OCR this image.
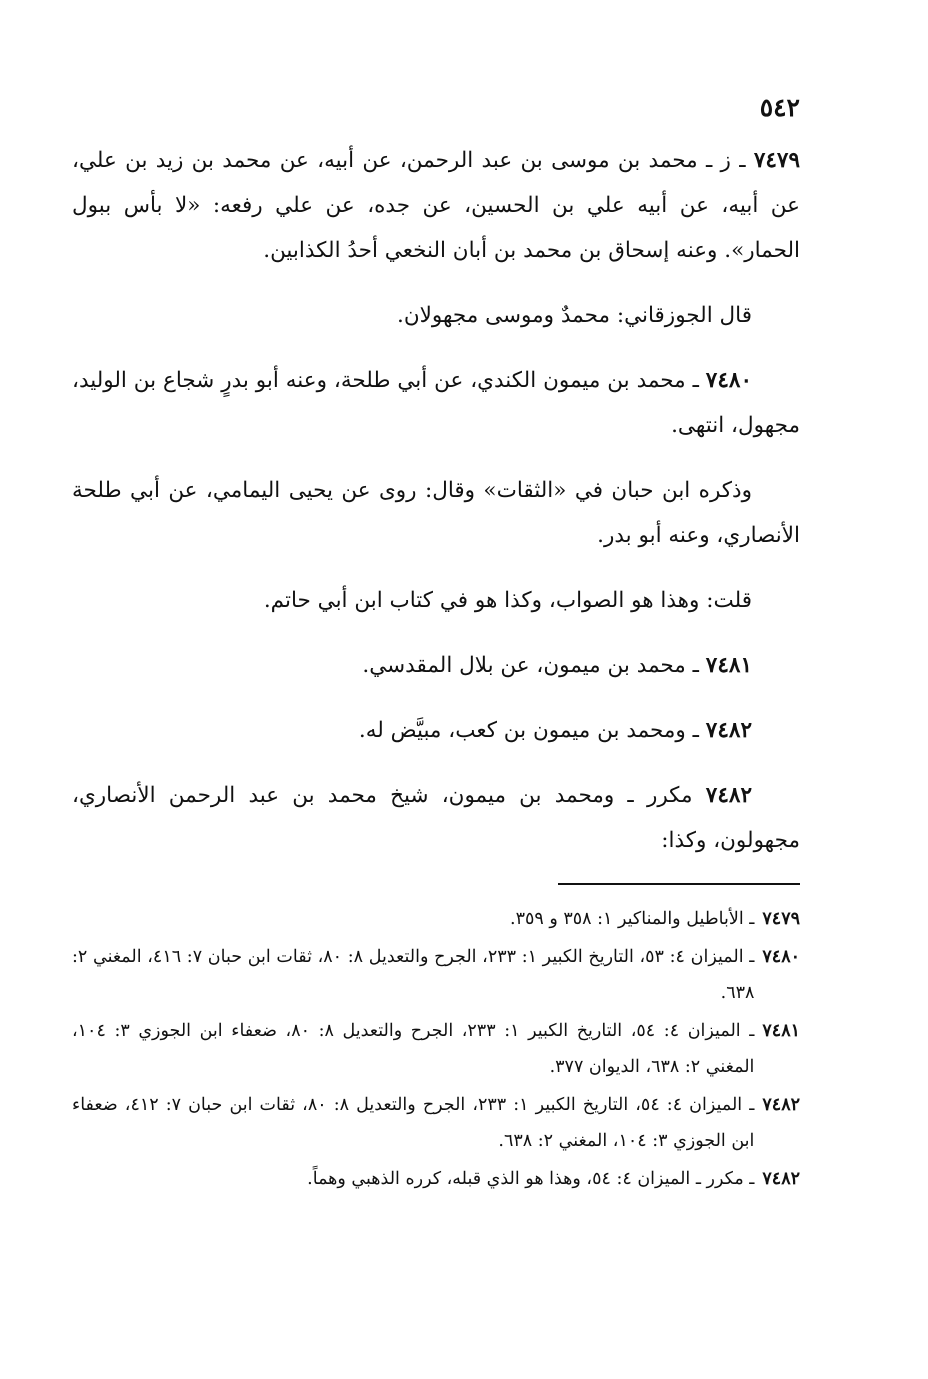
٥٤٢

٧٤٧٩ ـ ز ـ محمد بن موسى بن عبد الرحمن، عن أبيه، عن محمد بن زيد بن علي، عن أبيه، عن أبيه علي بن الحسين، عن جده، عن علي رفعه: «لا بأس ببول الحمار». وعنه إسحاق بن محمد بن أبان النخعي أحدُ الكذابين.

قال الجوزقاني: محمدٌ وموسى مجهولان.

٧٤٨٠ ـ محمد بن ميمون الكندي، عن أبي طلحة، وعنه أبو بدرٍ شجاع بن الوليد، مجهول، انتهى.

وذكره ابن حبان في «الثقات» وقال: روى عن يحيى اليمامي، عن أبي طلحة الأنصاري، وعنه أبو بدر.

قلت: وهذا هو الصواب، وكذا هو في كتاب ابن أبي حاتم.

٧٤٨١ ـ محمد بن ميمون، عن بلال المقدسي.

٧٤٨٢ ـ ومحمد بن ميمون بن كعب، مبيَّض له.

٧٤٨٢ مكرر ـ ومحمد بن ميمون، شيخ محمد بن عبد الرحمن الأنصاري، مجهولون، وكذا:

٧٤٧٩
ـ الأباطيل والمناكير ١: ٣٥٨ و ٣٥٩.
٧٤٨٠
ـ الميزان ٤: ٥٣، التاريخ الكبير ١: ٢٣٣، الجرح والتعديل ٨: ٨٠، ثقات ابن حبان ٧: ٤١٦، المغني ٢: ٦٣٨.
٧٤٨١
ـ الميزان ٤: ٥٤، التاريخ الكبير ١: ٢٣٣، الجرح والتعديل ٨: ٨٠، ضعفاء ابن الجوزي ٣: ١٠٤، المغني ٢: ٦٣٨، الديوان ٣٧٧.
٧٤٨٢
ـ الميزان ٤: ٥٤، التاريخ الكبير ١: ٢٣٣، الجرح والتعديل ٨: ٨٠، ثقات ابن حبان ٧: ٤١٢، ضعفاء ابن الجوزي ٣: ١٠٤، المغني ٢: ٦٣٨.
٧٤٨٢
ـ مكرر ـ الميزان ٤: ٥٤، وهذا هو الذي قبله، كرره الذهبي وهماً.
